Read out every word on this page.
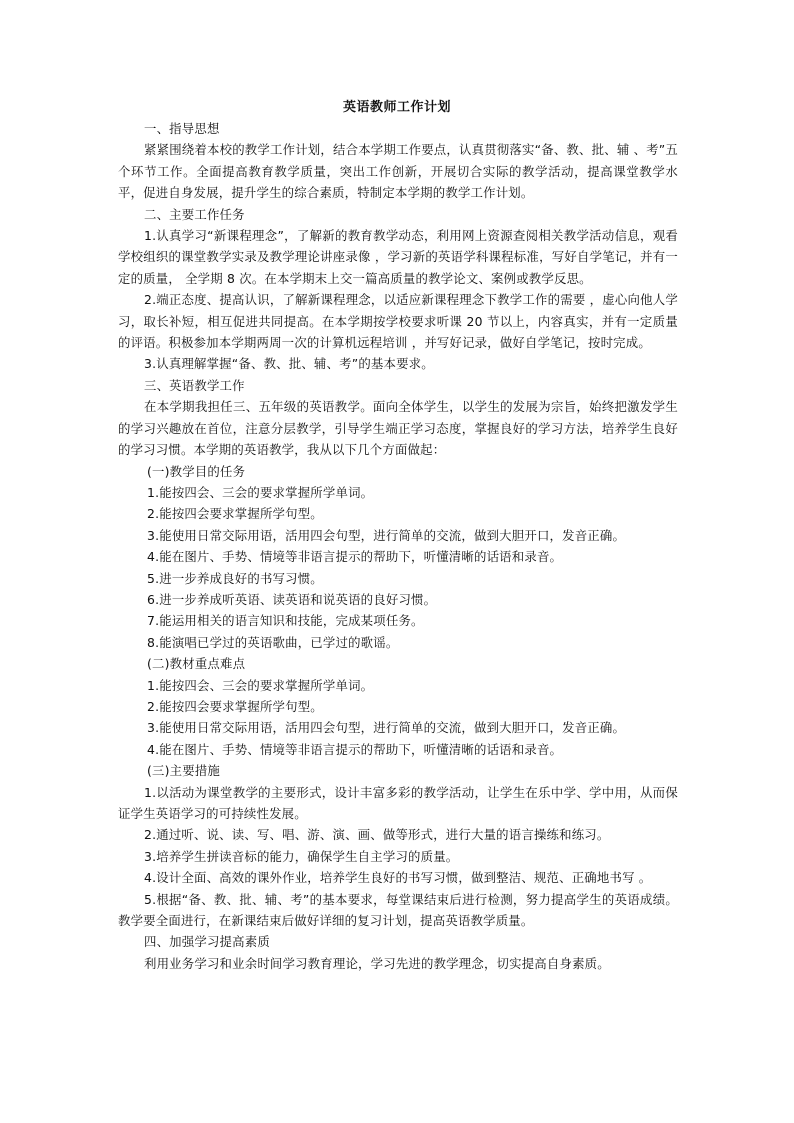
英语教师工作计划

一、指导思想

紧紧围绕着本校的教学工作计划，结合本学期工作要点，认真贯彻落实“备、教、批、辅 、考”五个环节工作。全面提高教育教学质量，突出工作创新，开展切合实际的教学活动，提高课堂教学水平，促进自身发展，提升学生的综合素质，特制定本学期的教学工作计划。

二、主要工作任务

1.认真学习“新课程理念”，了解新的教育教学动态，利用网上资源查阅相关教学活动信息，观看学校组织的课堂教学实录及教学理论讲座录像 ，学习新的英语学科课程标准，写好自学笔记，并有一定的质量， 全学期 8 次。在本学期末上交一篇高质量的教学论文、案例或教学反思。

2.端正态度、提高认识，了解新课程理念，以适应新课程理念下教学工作的需要 ，虚心向他人学习，取长补短，相互促进共同提高。在本学期按学校要求听课 20 节以上，内容真实，并有一定质量的评语。积极参加本学期两周一次的计算机远程培训 ，并写好记录，做好自学笔记，按时完成。

3.认真理解掌握“备、教、批、辅、考”的基本要求。

三、英语教学工作

在本学期我担任三、五年级的英语教学。面向全体学生，以学生的发展为宗旨，始终把激发学生的学习兴趣放在首位，注意分层教学，引导学生端正学习态度，掌握良好的学习方法，培养学生良好的学习习惯。本学期的英语教学，我从以下几个方面做起：

(一)教学目的任务

1.能按四会、三会的要求掌握所学单词。

2.能按四会要求掌握所学句型。

3.能使用日常交际用语，活用四会句型，进行简单的交流，做到大胆开口，发音正确。

4.能在图片、手势、情境等非语言提示的帮助下，听懂清晰的话语和录音。

5.进一步养成良好的书写习惯。

6.进一步养成听英语、读英语和说英语的良好习惯。

7.能运用相关的语言知识和技能，完成某项任务。

8.能演唱已学过的英语歌曲，已学过的歌谣。

(二)教材重点难点

1.能按四会、三会的要求掌握所学单词。

2.能按四会要求掌握所学句型。

3.能使用日常交际用语，活用四会句型，进行简单的交流，做到大胆开口，发音正确。

4.能在图片、手势、情境等非语言提示的帮助下，听懂清晰的话语和录音。

(三)主要措施

1.以活动为课堂教学的主要形式，设计丰富多彩的教学活动，让学生在乐中学、学中用，从而保证学生英语学习的可持续性发展。

2.通过听、说、读、写、唱、游、演、画、做等形式，进行大量的语言操练和练习。

3.培养学生拼读音标的能力，确保学生自主学习的质量。

4.设计全面、高效的课外作业，培养学生良好的书写习惯，做到整洁、规范、正确地书写 。

5.根据“备、教、批、辅、考”的基本要求，每堂课结束后进行检测，努力提高学生的英语成绩。教学要全面进行，在新课结束后做好详细的复习计划，提高英语教学质量。

四、加强学习提高素质

利用业务学习和业余时间学习教育理论，学习先进的教学理念，切实提高自身素质。
